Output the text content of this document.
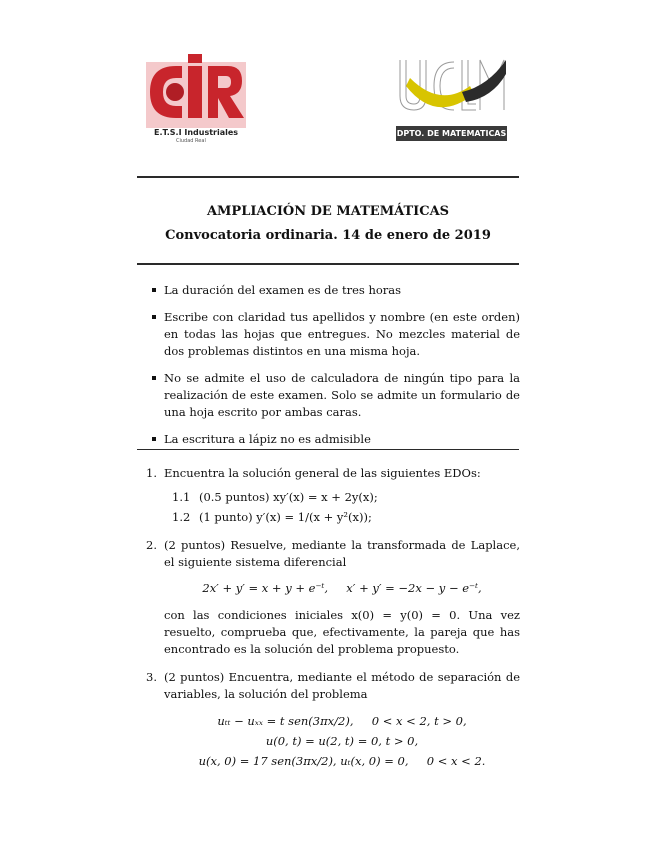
E.T.S.I Industriales
Ciudad Real
DPTO. DE MATEMATICAS
AMPLIACIÓN DE MATEMÁTICAS
Convocatoria ordinaria. 14 de enero de 2019
La duración del examen es de tres horas
Escribe con claridad tus apellidos y nombre (en este orden) en todas las hojas que entregues. No mezcles material de dos problemas distintos en una misma hoja.
No se admite el uso de calculadora de ningún tipo para la realización de este examen. Solo se admite un formulario de una hoja escrito por ambas caras.
La escritura a lápiz no es admisible
1. Encuentra la solución general de las siguientes EDOs:
1.1 (0.5 puntos) xy′(x) = x + 2y(x);
1.2 (1 punto) y′(x) = 1/(x + y²(x));
2. (2 puntos) Resuelve, mediante la transformada de Laplace, el siguiente sistema diferencial
2x′ + y′ = x + y + e⁻ᵗ,     x′ + y′ = −2x − y − e⁻ᵗ,
con las condiciones iniciales x(0) = y(0) = 0. Una vez resuelto, comprueba que, efectivamente, la pareja que has encontrado es la solución del problema propuesto.
3. (2 puntos) Encuentra, mediante el método de separación de variables, la solución del problema
uₜₜ − uₓₓ = t sen(3πx/2),     0 < x < 2, t > 0,
u(0, t) = u(2, t) = 0, t > 0,
u(x, 0) = 17 sen(3πx/2), uₜ(x, 0) = 0,     0 < x < 2.
